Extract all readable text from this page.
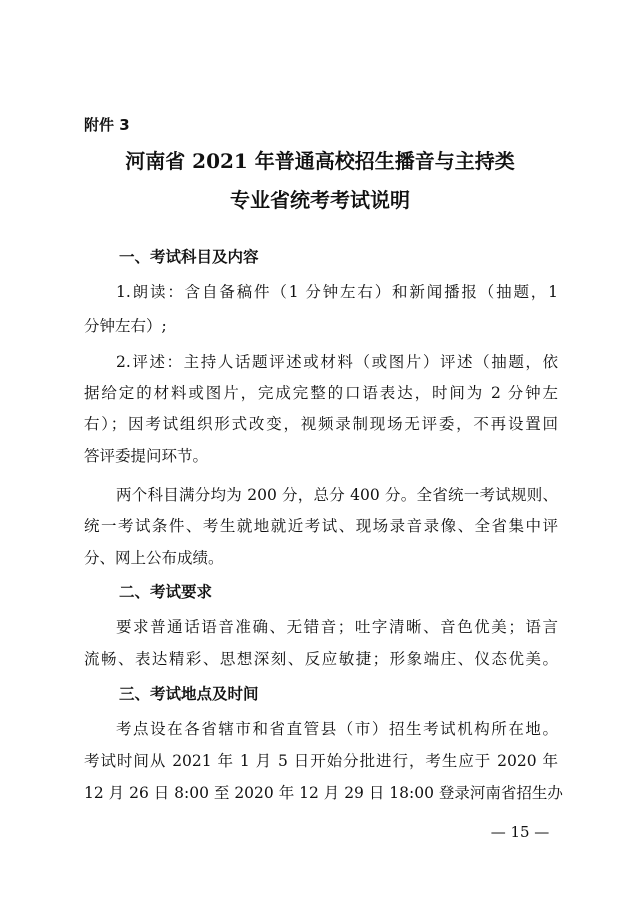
附件 3
河南省 2021 年普通高校招生播音与主持类
专业省统考考试说明
一、考试科目及内容
1.朗读：含自备稿件（1 分钟左右）和新闻播报（抽题，1
分钟左右）;
2.评述：主持人话题评述或材料（或图片）评述（抽题，依
据给定的材料或图片，完成完整的口语表达，时间为 2 分钟左
右）；因考试组织形式改变，视频录制现场无评委，不再设置回
答评委提问环节。
两个科目满分均为 200 分，总分 400 分。全省统一考试规则、
统一考试条件、考生就地就近考试、现场录音录像、全省集中评
分、网上公布成绩。
二、考试要求
要求普通话语音准确、无错音；吐字清晰、音色优美；语言
流畅、表达精彩、思想深刻、反应敏捷；形象端庄、仪态优美。
三、考试地点及时间
考点设在各省辖市和省直管县（市）招生考试机构所在地。
考试时间从 2021 年 1 月 5 日开始分批进行，考生应于 2020 年
12 月 26 日 8:00 至 2020 年 12 月 29 日 18:00 登录河南省招生办
— 15 —
